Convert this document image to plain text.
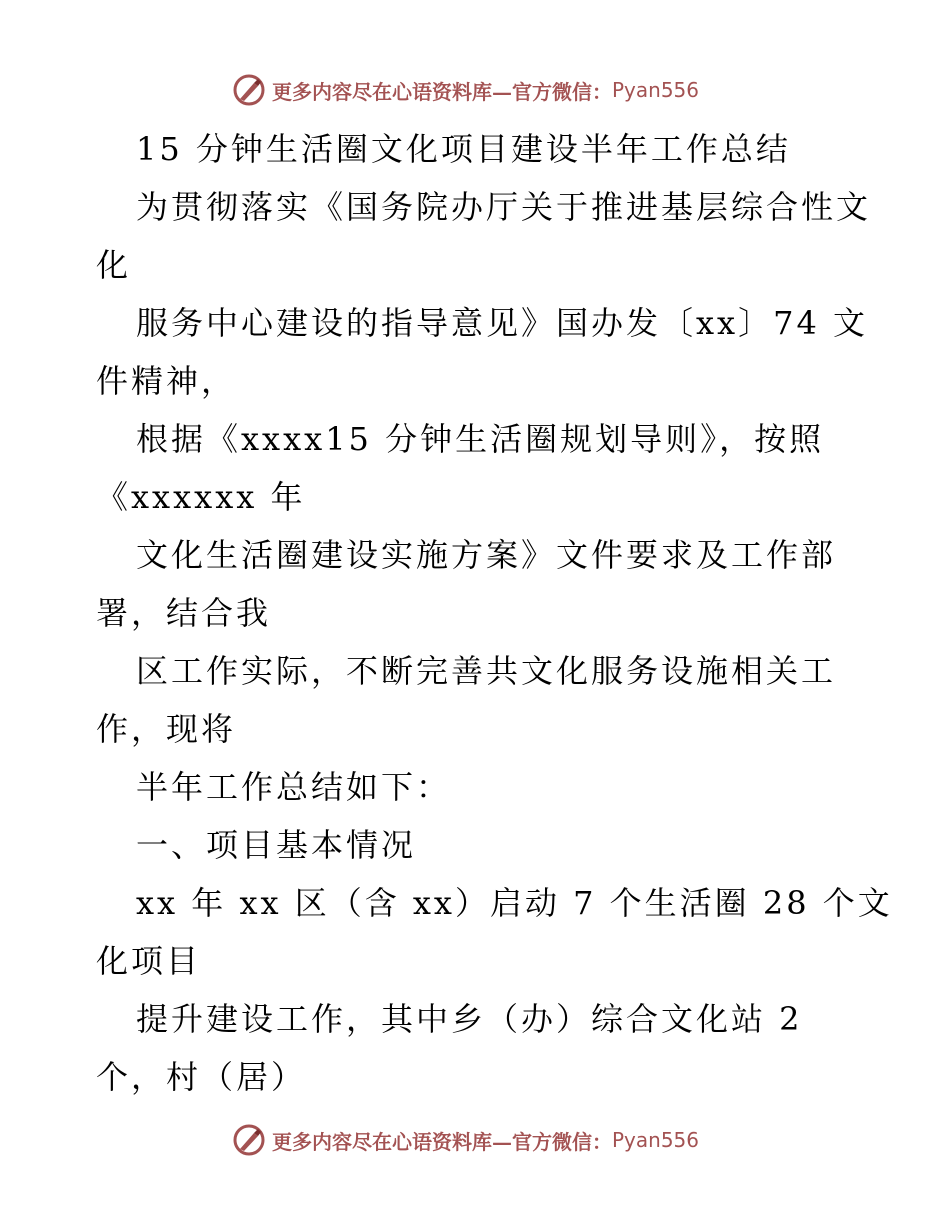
更多内容尽在心语资料库—官方微信： Pyan556
15 分钟生活圈文化项目建设半年工作总结
为贯彻落实《国务院办厅关于推进基层综合性文
化
服务中心建设的指导意见》国办发〔xx〕74 文
件精神，
根据《xxxx15 分钟生活圈规划导则》，按照
《xxxxxx 年
文化生活圈建设实施方案》文件要求及工作部
署，结合我
区工作实际，不断完善共文化服务设施相关工
作，现将
半年工作总结如下：
一、项目基本情况
xx 年 xx 区（含 xx）启动 7 个生活圈 28 个文
化项目
提升建设工作，其中乡（办）综合文化站 2
个，村（居）
更多内容尽在心语资料库—官方微信： Pyan556
